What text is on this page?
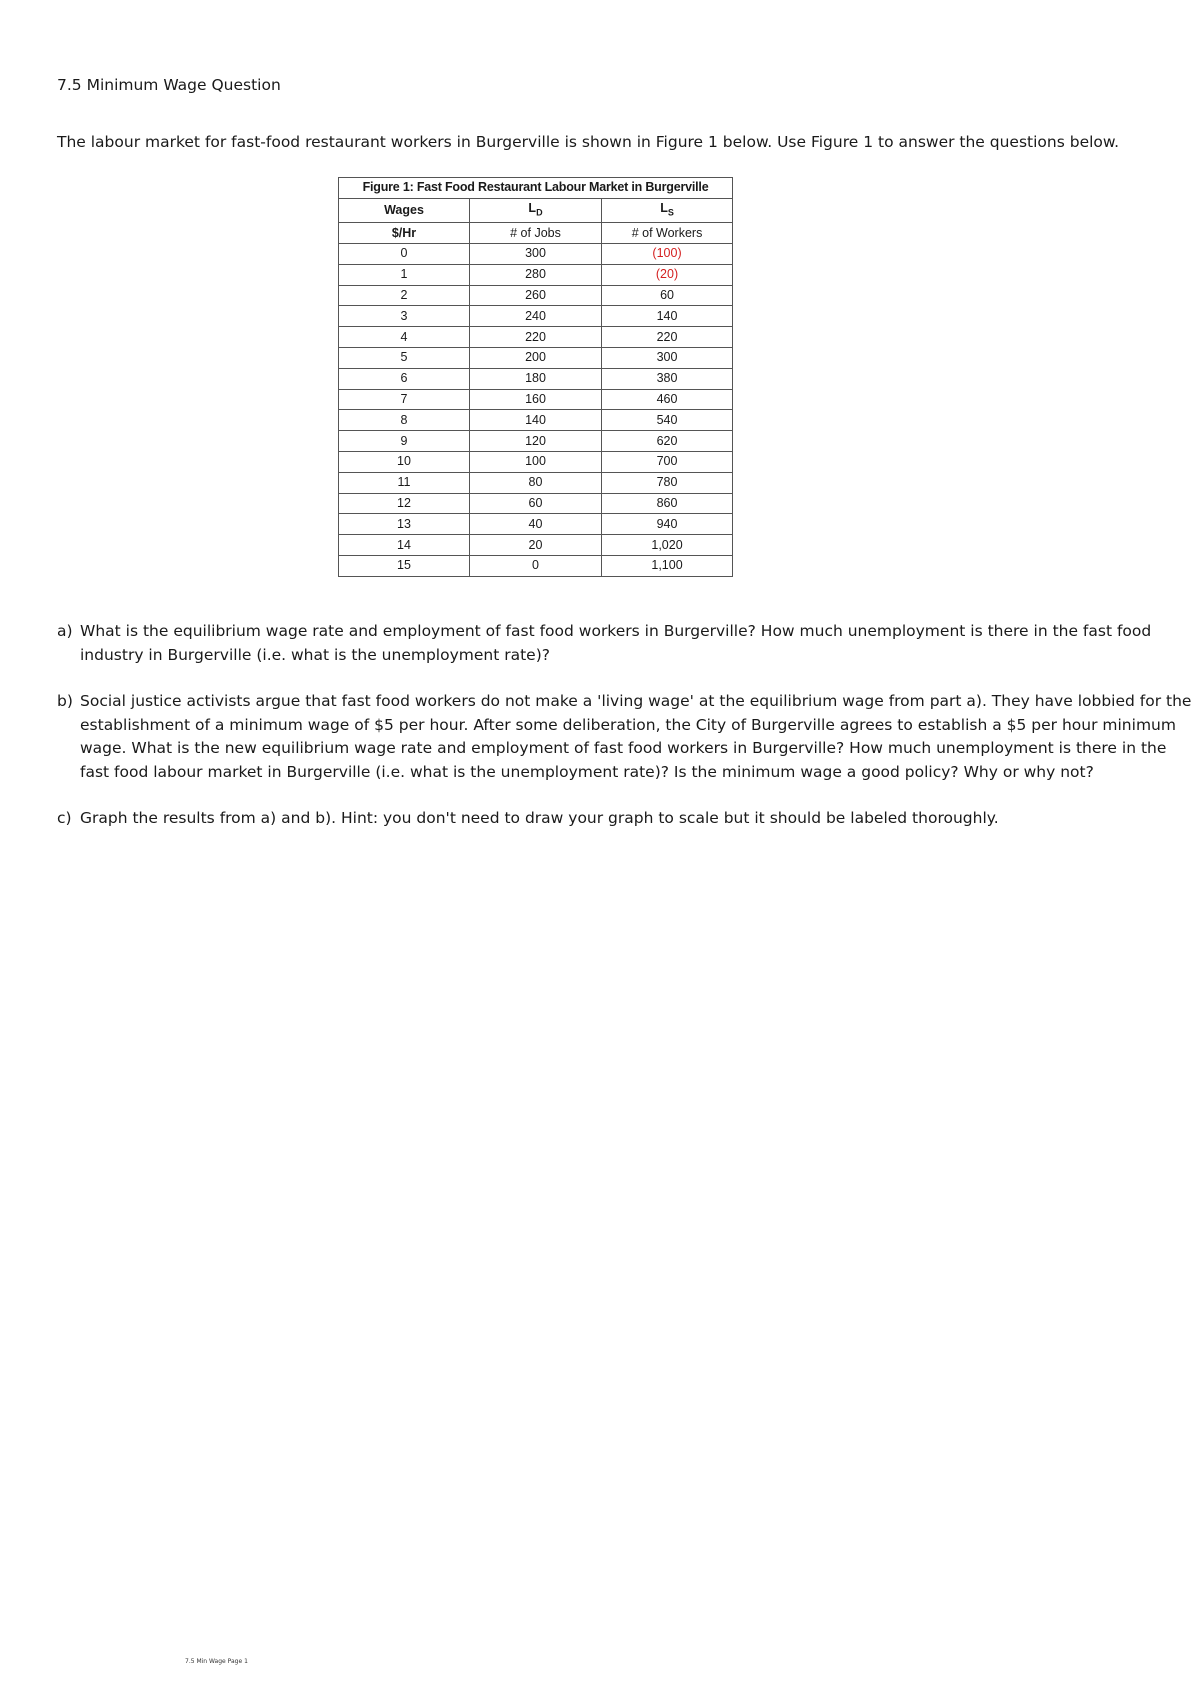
7.5 Minimum Wage Question
The labour market for fast-food restaurant workers in Burgerville is shown in Figure 1 below. Use Figure 1 to answer the questions below.
Figure 1: Fast Food Restaurant Labour Market in Burgerville		
Wages	$L_D$	$L_S$
$/Hr	# of Jobs	# of Workers
0	300	(100)
1	280	(20)
2	260	60
3	240	140
4	220	220
5	200	300
6	180	380
7	160	460
8	140	540
9	120	620
10	100	700
11	80	780
12	60	860
13	40	940
14	20	1,020
15	0	1,100
a) What is the equilibrium wage rate and employment of fast food workers in Burgerville? How much unemployment is there in the fast food industry in Burgerville (i.e. what is the unemployment rate)?
b) Social justice activists argue that fast food workers do not make a 'living wage' at the equilibrium wage from part a). They have lobbied for the establishment of a minimum wage of $5 per hour. After some deliberation, the City of Burgerville agrees to establish a $5 per hour minimum wage. What is the new equilibrium wage rate and employment of fast food workers in Burgerville? How much unemployment is there in the fast food labour market in Burgerville (i.e. what is the unemployment rate)? Is the minimum wage a good policy? Why or why not?
c) Graph the results from a) and b). Hint: you don't need to draw your graph to scale but it should be labeled thoroughly.
7.5 Min Wage Page 1
